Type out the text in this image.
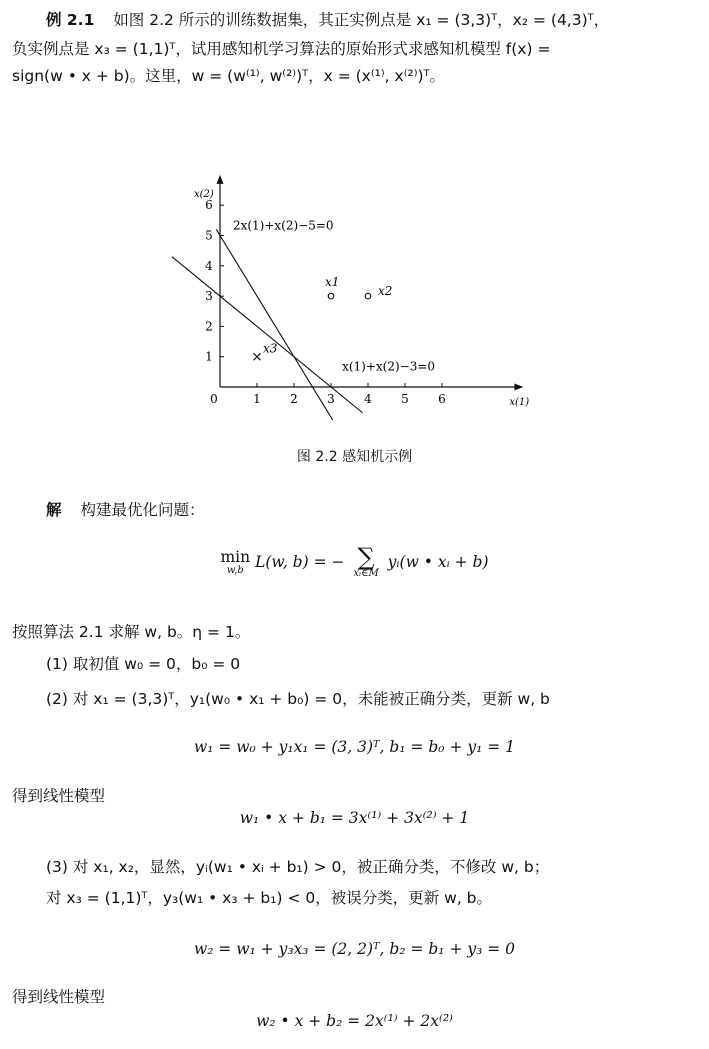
例 2.1 如图 2.2 所示的训练数据集，其正实例点是 x₁ = (3,3)ᵀ，x₂ = (4,3)ᵀ，
负实例点是 x₃ = (1,1)ᵀ，试用感知机学习算法的原始形式求感知机模型 f(x) =
sign(w • x + b)。这里，w = (w⁽¹⁾, w⁽²⁾)ᵀ，x = (x⁽¹⁾, x⁽²⁾)ᵀ。
0	1 2 3 4 5 6
1
2
3
4
5
6
x1
x2
x3
x(2)
x(1)
2x(1)+x(2)−5=0
x(1)+x(2)−3=0
图 2.2 感知机示例
解 构建最优化问题：
min
w,b L(w, b) = − ∑
xᵢ∈M
yᵢ(w • xᵢ + b)
按照算法 2.1 求解 w, b。η = 1。
(1) 取初值 w₀ = 0，b₀ = 0
(2) 对 x₁ = (3,3)ᵀ，y₁(w₀ • x₁ + b₀) = 0，未能被正确分类，更新 w, b
w₁ = w₀ + y₁x₁ = (3, 3)ᵀ, b₁ = b₀ + y₁ = 1
得到线性模型
w₁ • x + b₁ = 3x⁽¹⁾ + 3x⁽²⁾ + 1
(3) 对 x₁, x₂，显然，yᵢ(w₁ • xᵢ + b₁) > 0，被正确分类，不修改 w, b；
对 x₃ = (1,1)ᵀ，y₃(w₁ • x₃ + b₁) < 0，被误分类，更新 w, b。
w₂ = w₁ + y₃x₃ = (2, 2)ᵀ, b₂ = b₁ + y₃ = 0
得到线性模型
w₂ • x + b₂ = 2x⁽¹⁾ + 2x⁽²⁾
